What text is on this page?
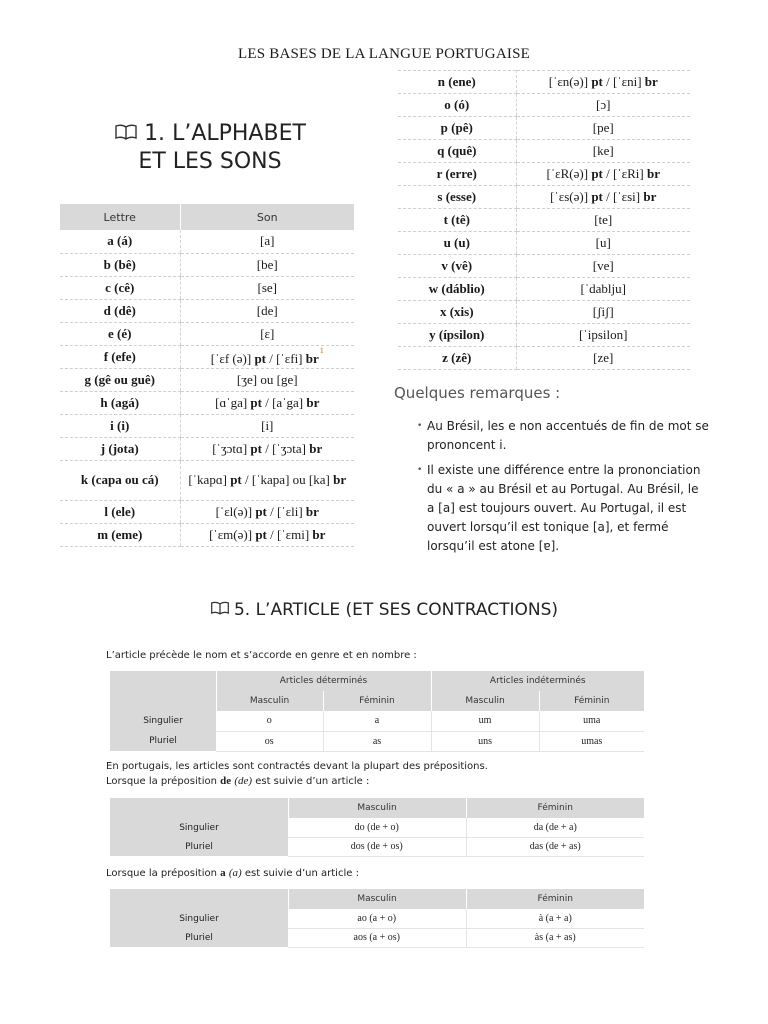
LES BASES DE LA LANGUE PORTUGAISE
1. L’ALPHABET
ET LES SONS
Lettre	Son
a (á)	[a]
b (bê)	[be]
c (cê)	[se]
d (dê)	[de]
e (é)	[ɛ]
f (efe)	[ˈɛf (ə)] pt / [ˈɛfi] $br^1$
g (gê ou guê)	[ʒe] ou [ge]
h (agá)	[ɑˈga] pt / [aˈga] br
i (i)	[i]
j (jota)	[ˈʒɔtɑ] pt / [ˈʒɔta] br
k (capa ou cá)	[ˈkapɑ] pt / [ˈkapa] ou [ka] br
l (ele)	[ˈɛl(ə)] pt / [ˈɛli] br
m (eme)	[ˈɛm(ə)] pt / [ˈɛmi] br
n (ene)	[ˈɛn(ə)] pt / [ˈɛni] br
o (ó)	[ɔ]
p (pê)	[pe]
q (quê)	[ke]
r (erre)	[ˈɛR(ə)] pt / [ˈɛRi] br
s (esse)	[ˈɛs(ə)] pt / [ˈɛsi] br
t (tê)	[te]
u (u)	[u]
v (vê)	[ve]
w (dáblio)	[ˈdablju]
x (xis)	[ʃiʃ]
y (ípsilon)	[ˈipsilon]
z (zê)	[ze]
Quelques remarques :
• Au Brésil, les e non accentués de fin de mot se prononcent i.
• Il existe une différence entre la prononciation du « a » au Brésil et au Portugal. Au Brésil, le a [a] est toujours ouvert. Au Portugal, il est ouvert lorsqu’il est tonique [a], et fermé lorsqu’il est atone [ɐ].
5. L’ARTICLE (ET SES CONTRACTIONS)
L’article précède le nom et s’accorde en genre et en nombre :
	Articles déterminés		Articles indéterminés	
	Masculin	Féminin	Masculin	Féminin
Singulier	o	a	um	uma
Pluriel	os	as	uns	umas
En portugais, les articles sont contractés devant la plupart des prépositions.
Lorsque la préposition de (de) est suivie d’un article :
	Masculin	Féminin
Singulier	do (de + o)	da (de + a)
Pluriel	dos (de + os)	das (de + as)
Lorsque la préposition a (a) est suivie d’un article :
	Masculin	Féminin
Singulier	ao (a + o)	à (a + a)
Pluriel	aos (a + os)	às (a + as)
